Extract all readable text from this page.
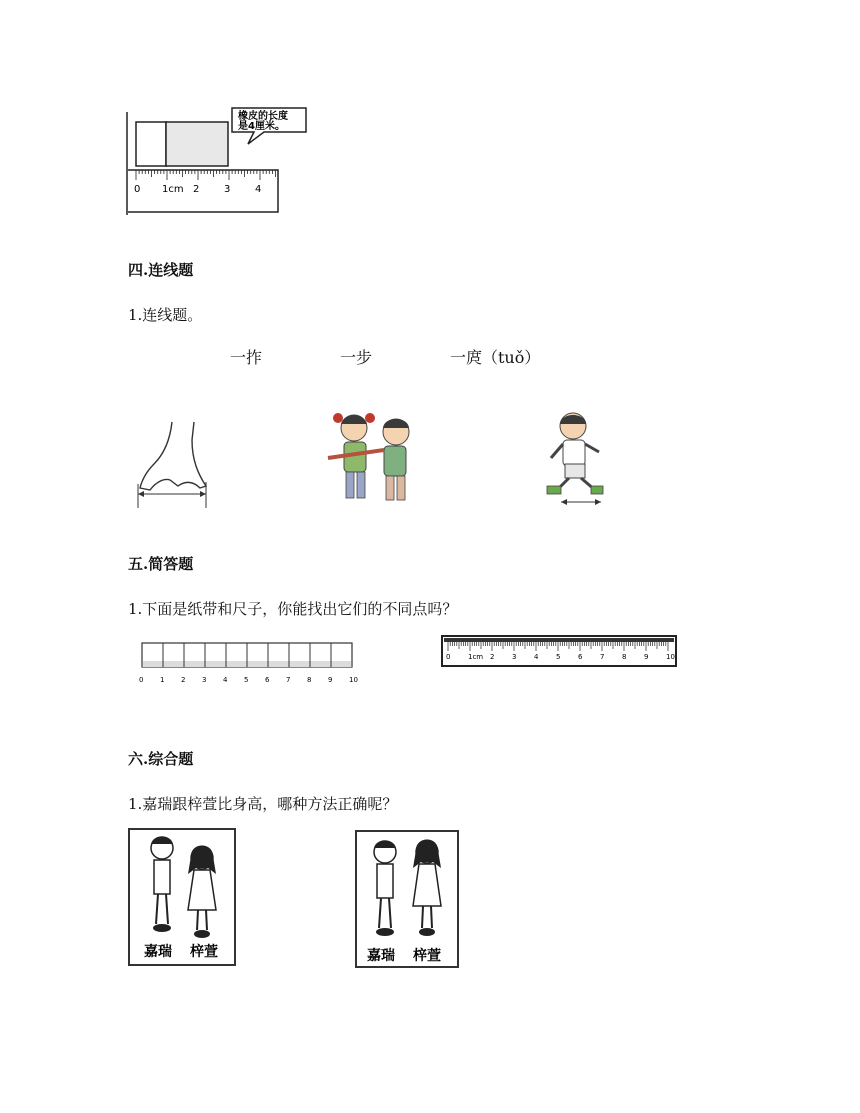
橡皮的长度
是4厘米。
0 1cm 2 3 4
四.连线题
1.连线题。
一拃	一步	一庹（tuǒ）
五.简答题
1.下面是纸带和尺子，你能找出它们的不同点吗？
0 1 2 3 4 5 6 7 8 9 10
0	1cm 2	3	4	5	6	7	8	9	10
六.综合题
1.嘉瑞跟梓萱比身高，哪种方法正确呢？
嘉瑞 梓萱	嘉瑞 梓萱
